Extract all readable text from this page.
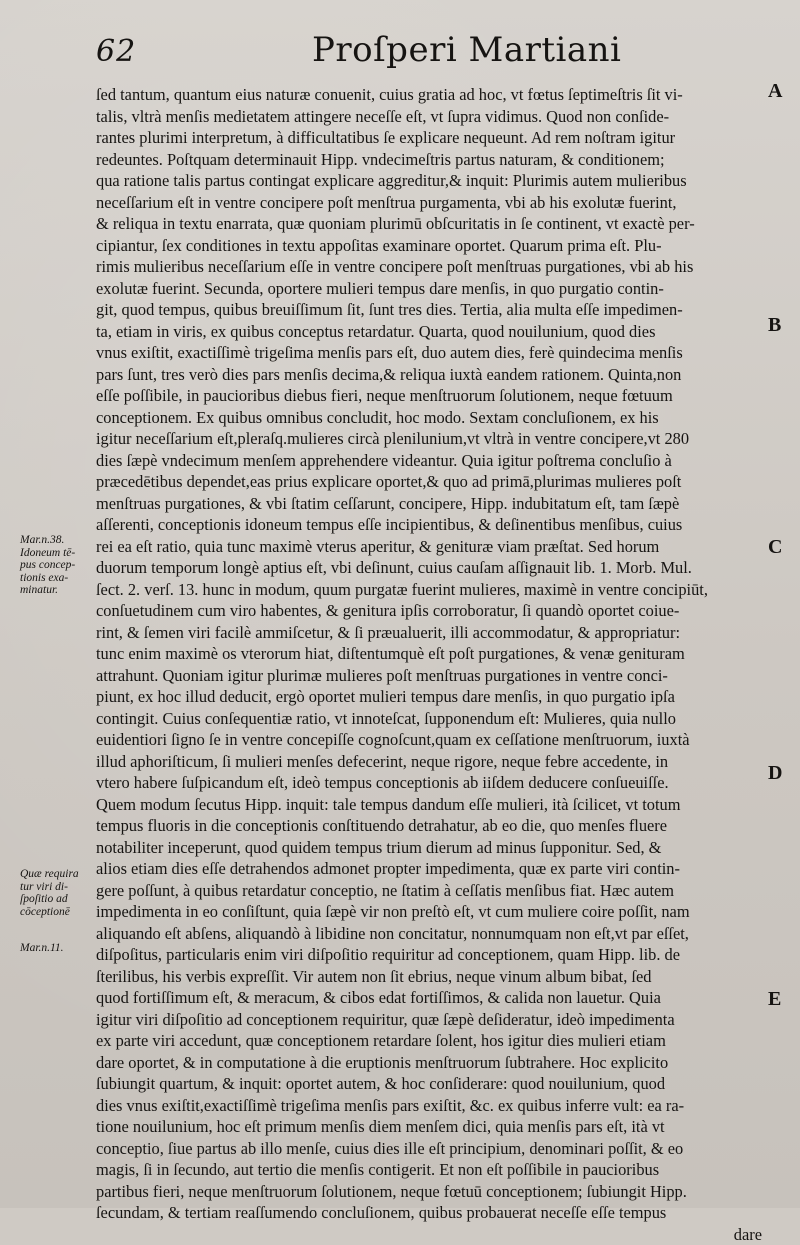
62	Proſperi Martiani
ſed tantum, quantum eius naturæ conuenit, cuius gratia ad hoc, vt fœtus ſeptimeſtris ſit vi-
talis, vltrà menſis medietatem attingere neceſſe eſt, vt ſupra vidimus. Quod non conſide-
rantes plurimi interpretum, à difficultatibus ſe explicare nequeunt. Ad rem noſtram igitur
redeuntes. Poſtquam determinauit Hipp. vndecimeſtris partus naturam, & conditionem;
qua ratione talis partus contingat explicare aggreditur,& inquit: Plurimis autem mulieribus
neceſſarium eſt in ventre concipere poſt menſtrua purgamenta, vbi ab his exolutæ fuerint,
& reliqua in textu enarrata, quæ quoniam plurimū obſcuritatis in ſe continent, vt exactè per-
cipiantur, ſex conditiones in textu appoſitas examinare oportet. Quarum prima eſt. Plu-
rimis mulieribus neceſſarium eſſe in ventre concipere poſt menſtruas purgationes, vbi ab his
exolutæ fuerint. Secunda, oportere mulieri tempus dare menſis, in quo purgatio contin-
git, quod tempus, quibus breuiſſimum ſit, ſunt tres dies. Tertia, alia multa eſſe impedimen-
ta, etiam in viris, ex quibus conceptus retardatur. Quarta, quod nouilunium, quod dies
vnus exiſtit, exactiſſimè trigeſima menſis pars eſt, duo autem dies, ferè quindecima menſis
pars ſunt, tres verò dies pars menſis decima,& reliqua iuxtà eandem rationem. Quinta,non
eſſe poſſibile, in paucioribus diebus fieri, neque menſtruorum ſolutionem, neque fœtuum
conceptionem. Ex quibus omnibus concludit, hoc modo. Sextam concluſionem, ex his
igitur neceſſarium eſt,pleraſq.mulieres circà plenilunium,vt vltrà in ventre concipere,vt 280
dies ſæpè vndecimum menſem apprehendere videantur. Quia igitur poſtrema concluſio à
præcedētibus dependet,eas prius explicare oportet,& quo ad primā,plurimas mulieres poſt
menſtruas purgationes, & vbi ſtatim ceſſarunt, concipere, Hipp. indubitatum eſt, tam ſæpè
aſſerenti, conceptionis idoneum tempus eſſe incipientibus, & deſinentibus menſibus, cuius
rei ea eſt ratio, quia tunc maximè vterus aperitur, & genituræ viam præſtat. Sed horum
duorum temporum longè aptius eſt, vbi deſinunt, cuius cauſam aſſignauit lib. 1. Morb. Mul.
ſect. 2. verſ. 13. hunc in modum, quum purgatæ fuerint mulieres, maximè in ventre concipiūt,
conſuetudinem cum viro habentes, & genitura ipſis corroboratur, ſi quandò oportet coiue-
rint, & ſemen viri facilè ammiſcetur, & ſi præualuerit, illi accommodatur, & appropriatur:
tunc enim maximè os vterorum hiat, diſtentumquè eſt poſt purgationes, & venæ genituram
attrahunt. Quoniam igitur plurimæ mulieres poſt menſtruas purgationes in ventre conci-
piunt, ex hoc illud deducit, ergò oportet mulieri tempus dare menſis, in quo purgatio ipſa
contingit. Cuius conſequentiæ ratio, vt innoteſcat, ſupponendum eſt: Mulieres, quia nullo
euidentiori ſigno ſe in ventre concepiſſe cognoſcunt,quam ex ceſſatione menſtruorum, iuxtà
illud aphoriſticum, ſi mulieri menſes defecerint, neque rigore, neque febre accedente, in
vtero habere ſuſpicandum eſt, ideò tempus conceptionis ab iiſdem deducere conſueuiſſe.
Quem modum ſecutus Hipp. inquit: tale tempus dandum eſſe mulieri, ità ſcilicet, vt totum
tempus fluoris in die conceptionis conſtituendo detrahatur, ab eo die, quo menſes fluere
notabiliter inceperunt, quod quidem tempus trium dierum ad minus ſupponitur. Sed, &
alios etiam dies eſſe detrahendos admonet propter impedimenta, quæ ex parte viri contin-
gere poſſunt, à quibus retardatur conceptio, ne ſtatim à ceſſatis menſibus fiat. Hæc autem
impedimenta in eo conſiſtunt, quia ſæpè vir non preſtò eſt, vt cum muliere coire poſſit, nam
aliquando eſt abſens, aliquandò à libidine non concitatur, nonnumquam non eſt,vt par eſſet,
diſpoſitus, particularis enim viri diſpoſitio requiritur ad conceptionem, quam Hipp. lib. de
ſterilibus, his verbis expreſſit. Vir autem non ſit ebrius, neque vinum album bibat, ſed
quod fortiſſimum eſt, & meracum, & cibos edat fortiſſimos, & calida non lauetur. Quia
igitur viri diſpoſitio ad conceptionem requiritur, quæ ſæpè deſideratur, ideò impedimenta
ex parte viri accedunt, quæ conceptionem retardare ſolent, hos igitur dies mulieri etiam
dare oportet, & in computatione à die eruptionis menſtruorum ſubtrahere. Hoc explicito
ſubiungit quartum, & inquit: oportet autem, & hoc conſiderare: quod nouilunium, quod
dies vnus exiſtit,exactiſſimè trigeſima menſis pars exiſtit, &c. ex quibus inferre vult: ea ra-
tione nouilunium, hoc eſt primum menſis diem menſem dici, quia menſis pars eſt, ità vt
conceptio, ſiue partus ab illo menſe, cuius dies ille eſt principium, denominari poſſit, & eo
magis, ſi in ſecundo, aut tertio die menſis contigerit. Et non eſt poſſibile in paucioribus
partibus fieri, neque menſtruorum ſolutionem, neque fœtuū conceptionem; ſubiungit Hipp.
ſecundam, & tertiam reaſſumendo concluſionem, quibus probauerat neceſſe eſſe tempus
dare
Mar.n.38.
Idoneum tē-
pus concep-
tionis exa-
minatur.
Quæ requira
tur viri di-
ſpoſitio ad
cōceptionē
Mar.n.11.
A
B
C
D
E
